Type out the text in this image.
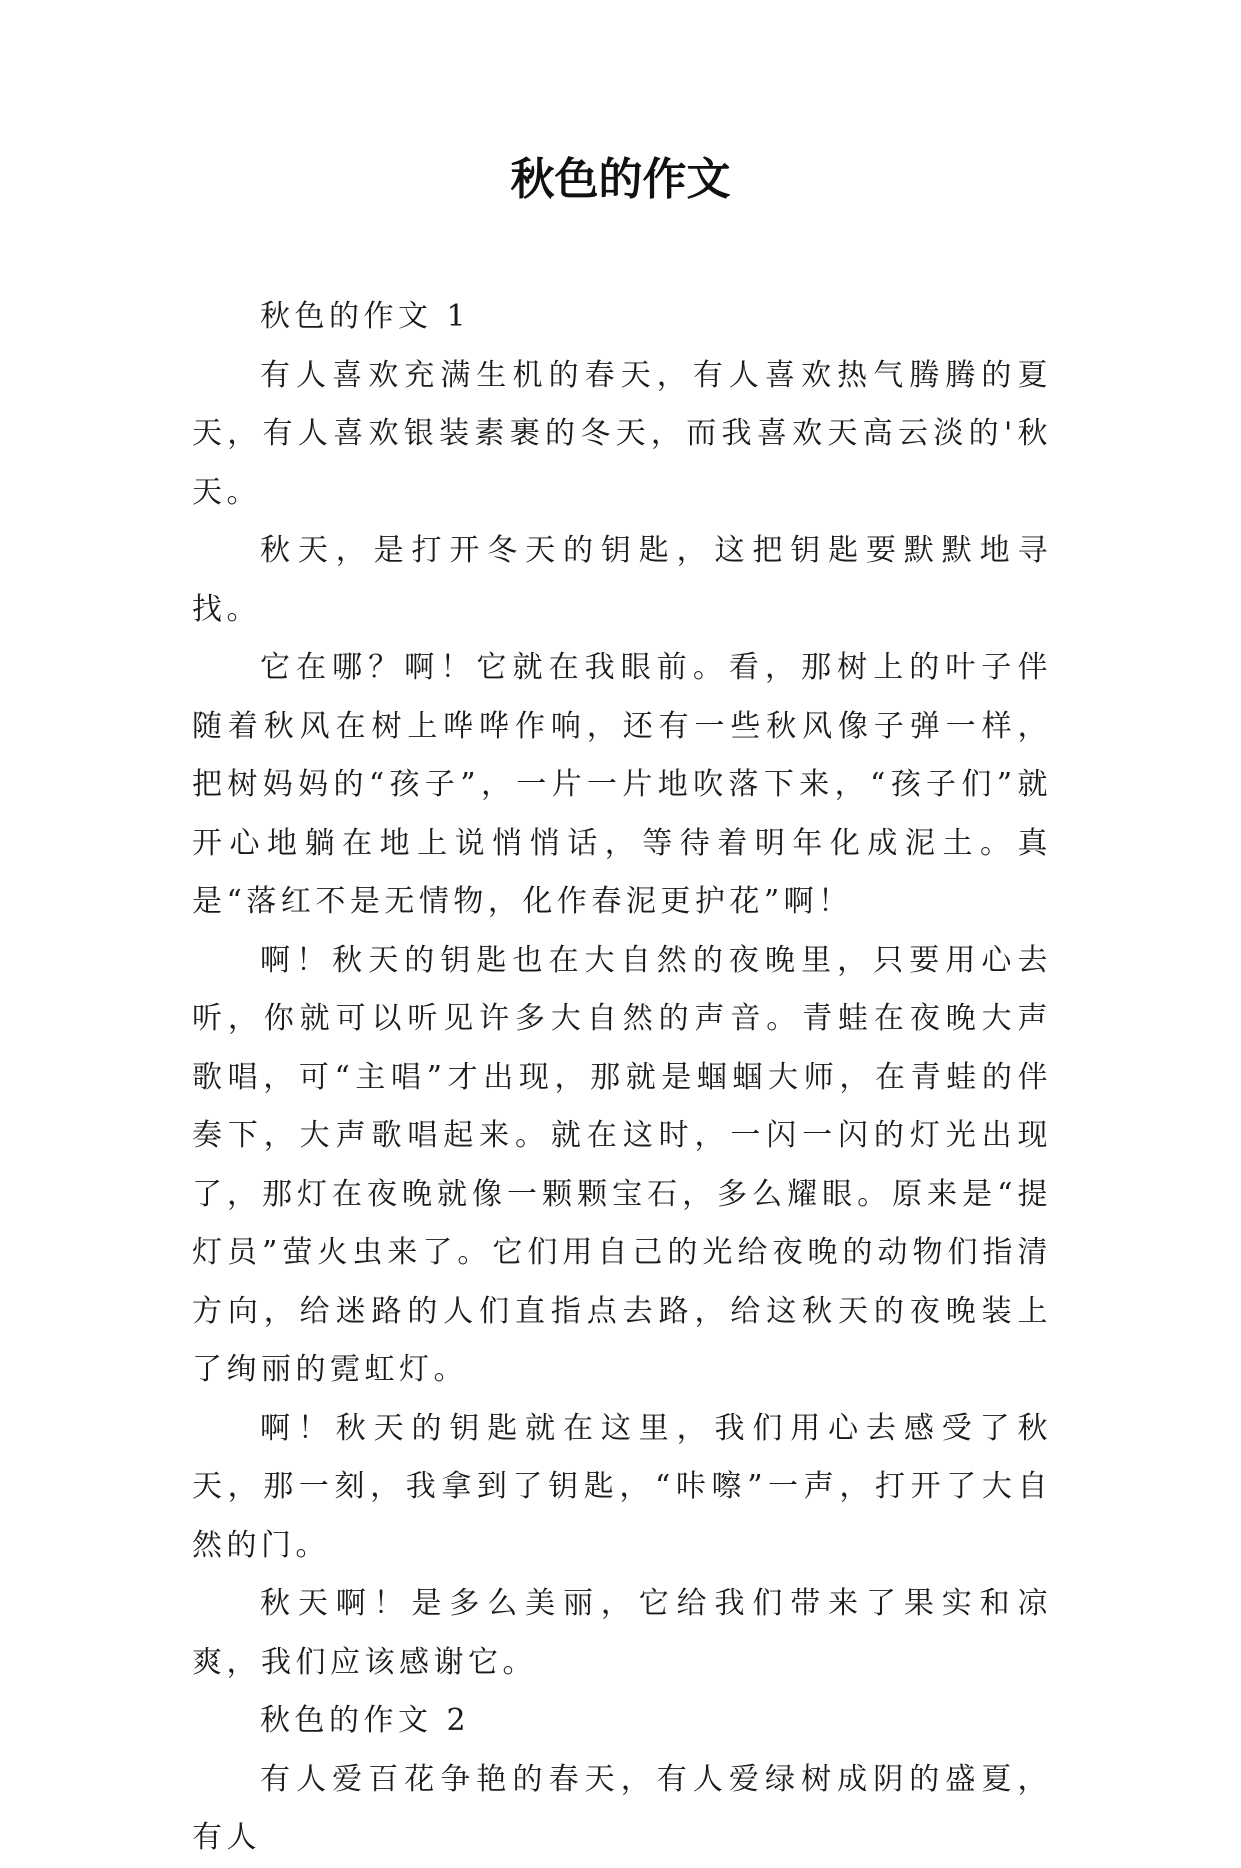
秋色的作文

秋色的作文 1

有人喜欢充满生机的春天，有人喜欢热气腾腾的夏天，有人喜欢银装素裹的冬天，而我喜欢天高云淡的'秋天。

秋天，是打开冬天的钥匙，这把钥匙要默默地寻找。

它在哪？啊！它就在我眼前。看，那树上的叶子伴随着秋风在树上哗哗作响，还有一些秋风像子弹一样，把树妈妈的“孩子”，一片一片地吹落下来，“孩子们”就开心地躺在地上说悄悄话，等待着明年化成泥土。真是“落红不是无情物，化作春泥更护花”啊！

啊！秋天的钥匙也在大自然的夜晚里，只要用心去听，你就可以听见许多大自然的声音。青蛙在夜晚大声歌唱，可“主唱”才出现，那就是蝈蝈大师，在青蛙的伴奏下，大声歌唱起来。就在这时，一闪一闪的灯光出现了，那灯在夜晚就像一颗颗宝石，多么耀眼。原来是“提灯员”萤火虫来了。它们用自己的光给夜晚的动物们指清方向，给迷路的人们直指点去路，给这秋天的夜晚装上了绚丽的霓虹灯。

啊！秋天的钥匙就在这里，我们用心去感受了秋天，那一刻，我拿到了钥匙，“咔嚓”一声，打开了大自然的门。

秋天啊！是多么美丽，它给我们带来了果实和凉爽，我们应该感谢它。

秋色的作文 2

有人爱百花争艳的春天，有人爱绿树成阴的盛夏，有人
